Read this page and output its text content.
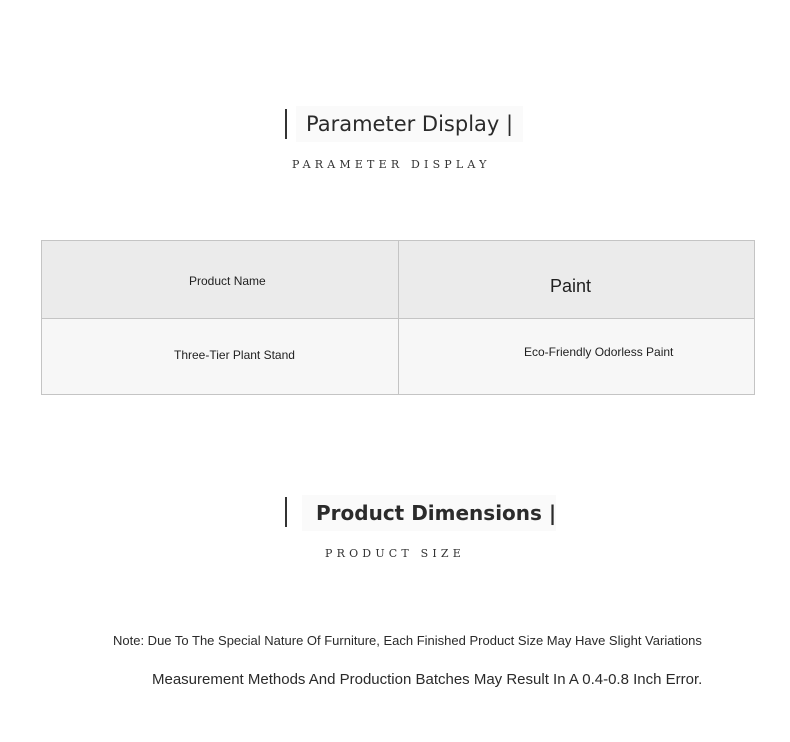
Parameter Display |
PARAMETER DISPLAY
Product Name	Paint
Three-Tier Plant Stand	Eco-Friendly Odorless Paint
Product Dimensions |
PRODUCT SIZE
Note: Due To The Special Nature Of Furniture, Each Finished Product Size May Have Slight Variations
Measurement Methods And Production Batches May Result In A 0.4-0.8 Inch Error.
